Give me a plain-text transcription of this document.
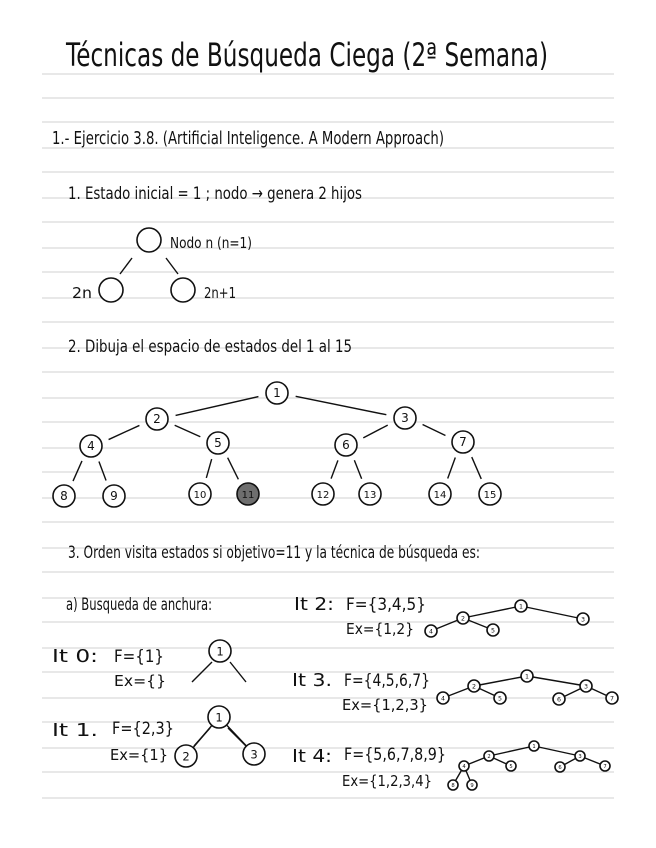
Técnicas de Búsqueda Ciega (2ª Semana)
1.- Ejercicio 3.8. (Artificial Inteligence. A Modern Approach)
1. Estado inicial = 1 ; nodo → genera 2 hijos
Nodo n (n=1)
2n	2n+1
2. Dibuja el espacio de estados del 1 al 15
1
2	3
4	5	6	7
8	9	10	11	12	13	14	15
3. Orden visita estados si objetivo=11 y la técnica de búsqueda es:
a) Busqueda de anchura:
It 0: F={1}
Ex={}
It 1. F={2,3}
Ex={1}
It 2: F={3,4,5}
Ex={1,2}
It 3. F={4,5,6,7}
Ex={1,2,3}
It 4: F={5,6,7,8,9}
Ex={1,2,3,4}
1
1
2	3
1
2	3
4	5
1
2	3
4	5	6	7
1
2	3
4	5	6	7
8	9
